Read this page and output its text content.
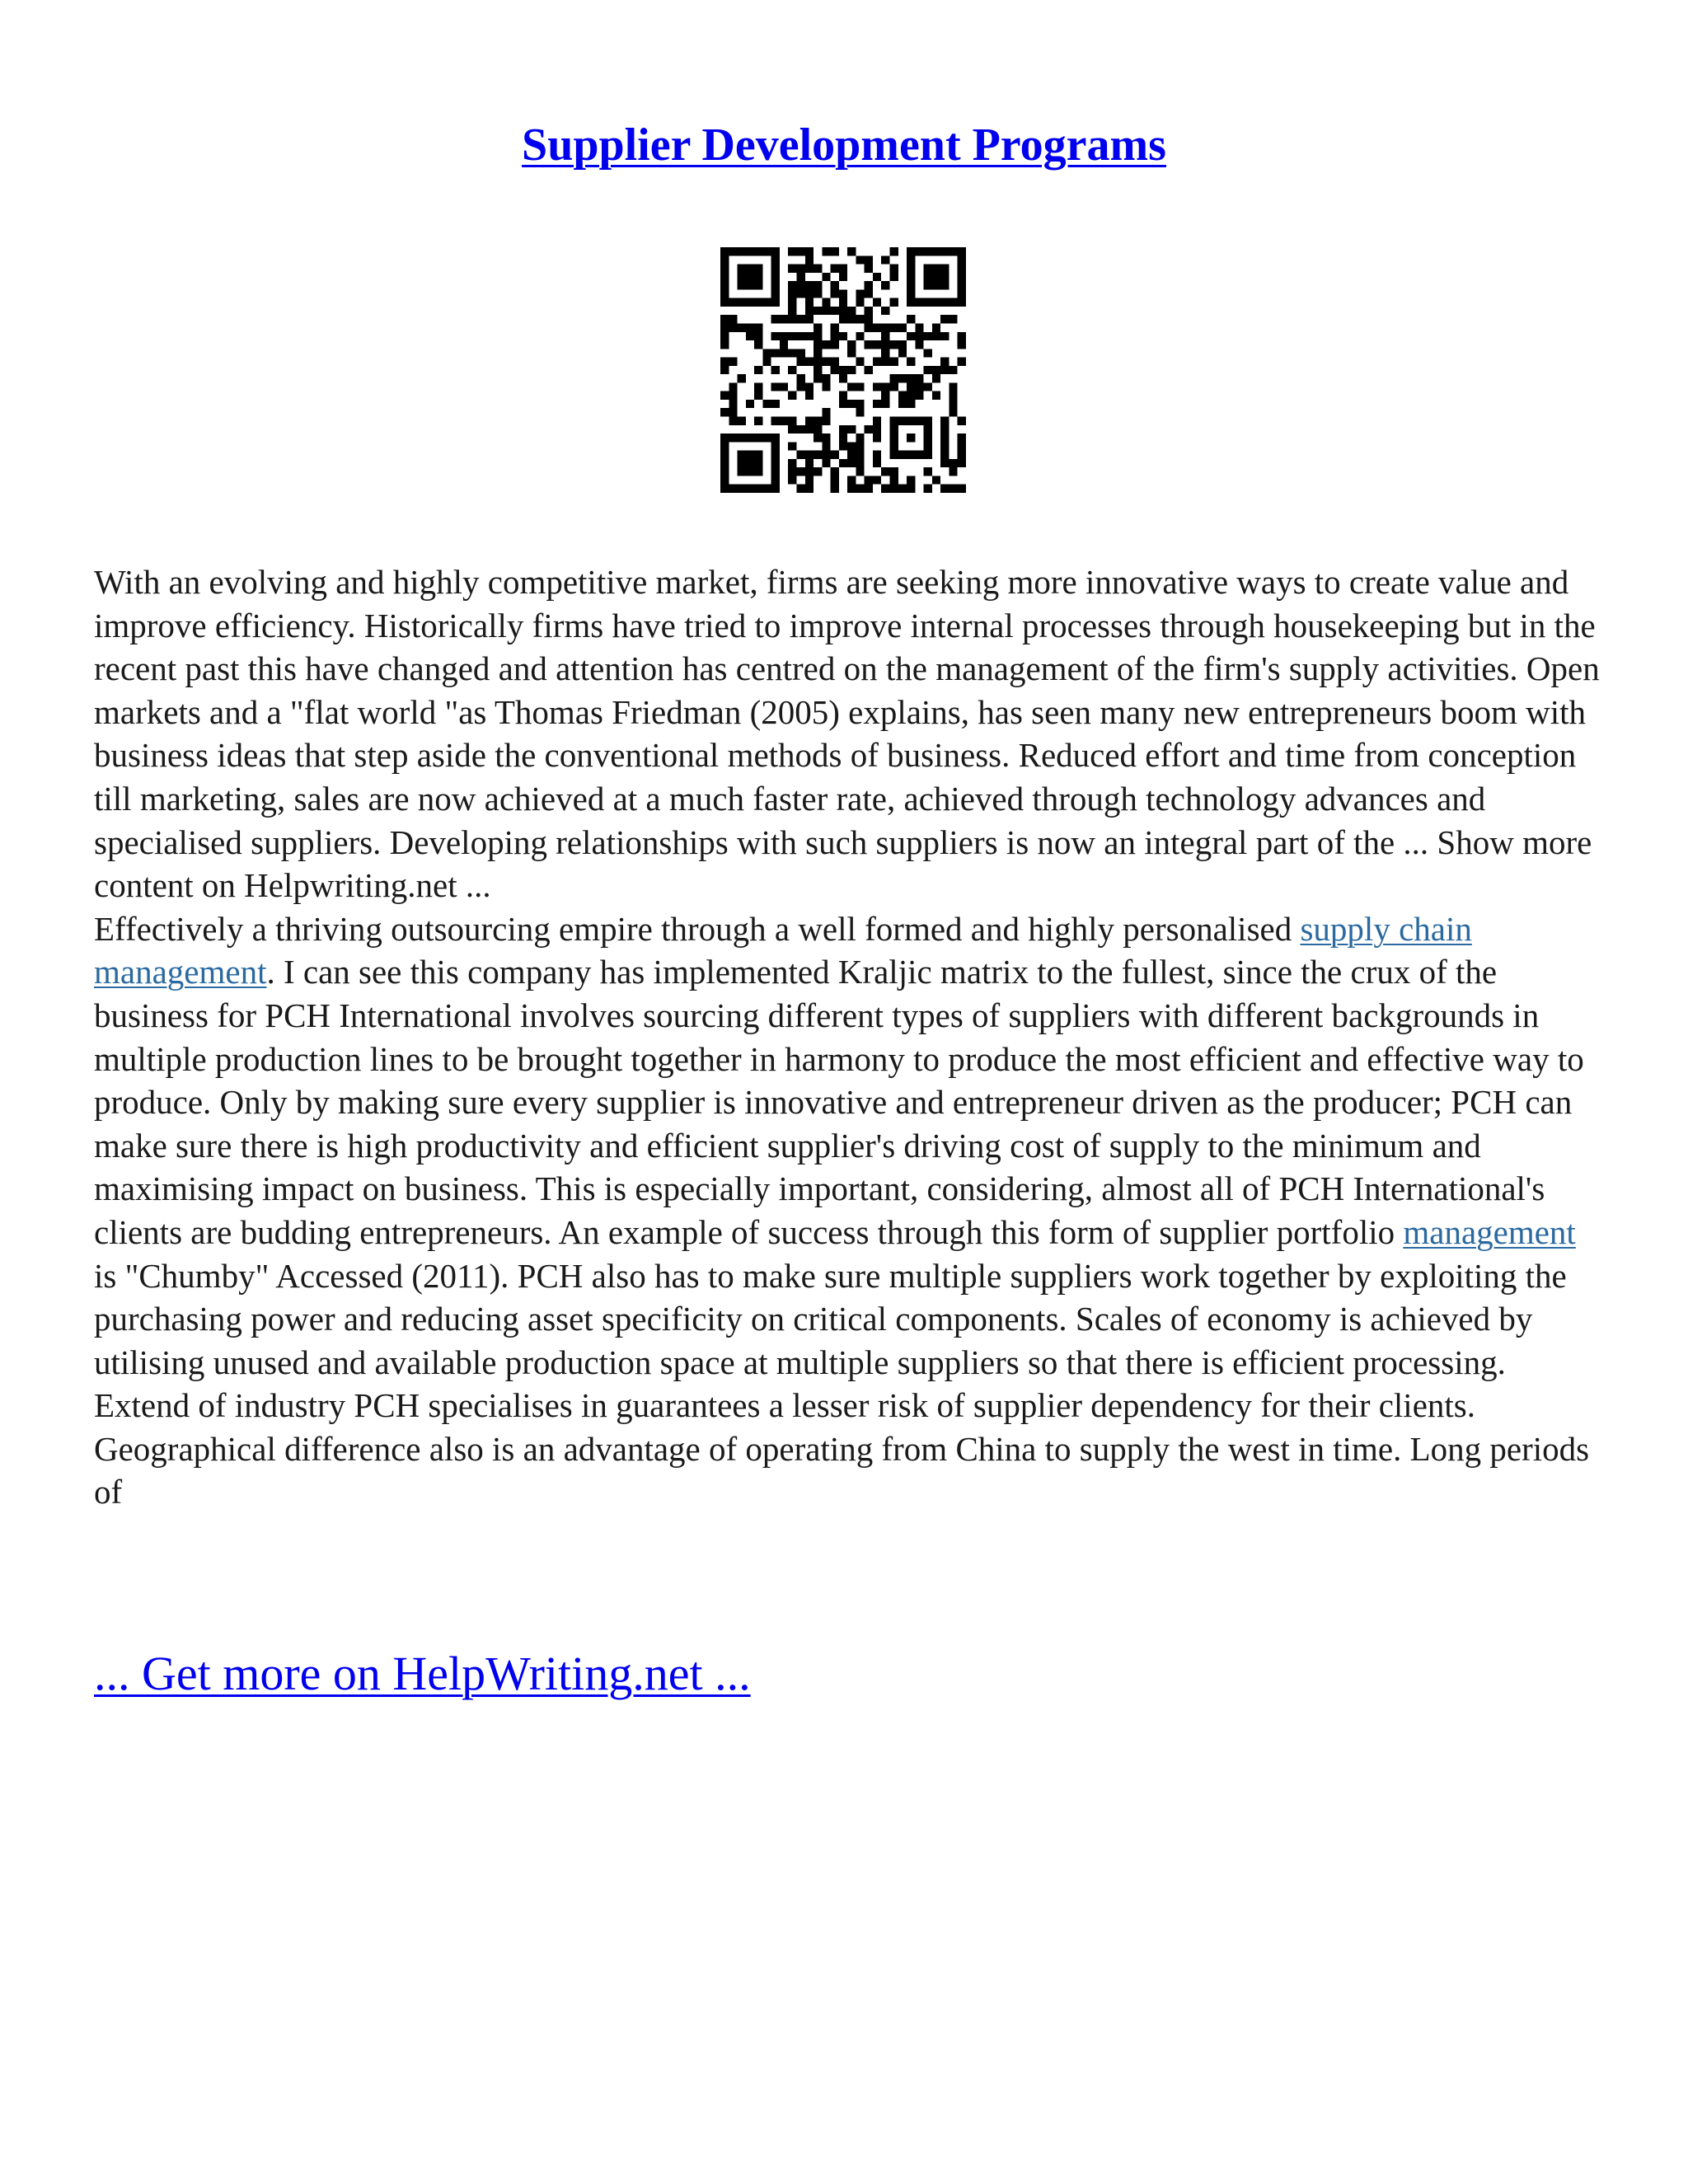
Supplier Development Programs

With an evolving and highly competitive market, firms are seeking more innovative ways to create value and improve efficiency. Historically firms have tried to improve internal processes through housekeeping but in the recent past this have changed and attention has centred on the management of the firm's supply activities. Open markets and a "flat world "as Thomas Friedman (2005) explains, has seen many new entrepreneurs boom with business ideas that step aside the conventional methods of business. Reduced effort and time from conception till marketing, sales are now achieved at a much faster rate, achieved through technology advances and specialised suppliers. Developing relationships with such suppliers is now an integral part of the ... Show more content on Helpwriting.net ...

Effectively a thriving outsourcing empire through a well formed and highly personalised supply chain management. I can see this company has implemented Kraljic matrix to the fullest, since the crux of the business for PCH International involves sourcing different types of suppliers with different backgrounds in multiple production lines to be brought together in harmony to produce the most efficient and effective way to produce. Only by making sure every supplier is innovative and entrepreneur driven as the producer; PCH can make sure there is high productivity and efficient supplier's driving cost of supply to the minimum and maximising impact on business. This is especially important, considering, almost all of PCH International's clients are budding entrepreneurs. An example of success through this form of supplier portfolio management is "Chumby" Accessed (2011). PCH also has to make sure multiple suppliers work together by exploiting the purchasing power and reducing asset specificity on critical components. Scales of economy is achieved by utilising unused and available production space at multiple suppliers so that there is efficient processing. Extend of industry PCH specialises in guarantees a lesser risk of supplier dependency for their clients. Geographical difference also is an advantage of operating from China to supply the west in time. Long periods of

... Get more on HelpWriting.net ...
